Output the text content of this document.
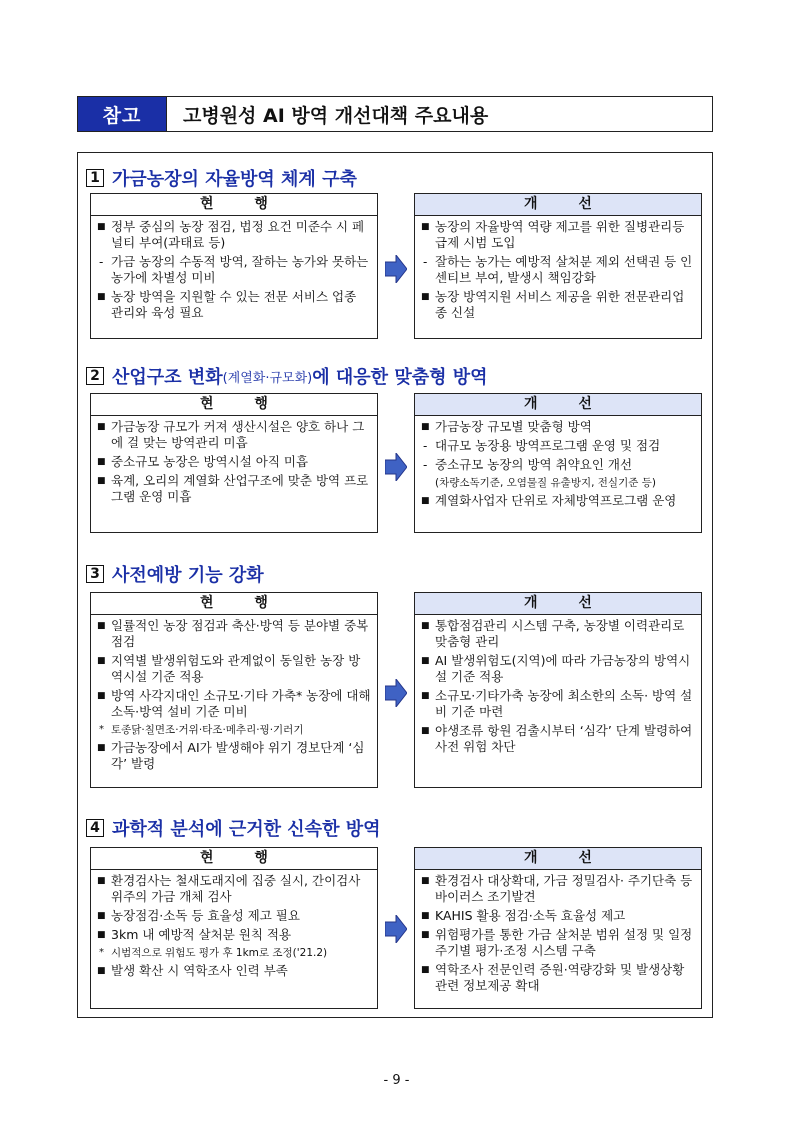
참고	고병원성 AI 방역 개선대책 주요내용
1 가금농장의 자율방역 체계 구축
현 행
■ 정부 중심의 농장 점검, 법정 요건 미준수 시 페널티 부여(과태료 등)
- 가금 농장의 수동적 방역, 잘하는 농가와 못하는 농가에 차별성 미비
■ 농장 방역을 지원할 수 있는 전문 서비스 업종 관리와 육성 필요
개 선
■ 농장의 자율방역 역량 제고를 위한 질병관리등급제 시범 도입
- 잘하는 농가는 예방적 살처분 제외 선택권 등 인센티브 부여, 발생시 책임강화
■ 농장 방역지원 서비스 제공을 위한 전문관리업종 신설
2 산업구조 변화 (계열화·규모화) 에 대응한 맞춤형 방역
현 행
■ 가금농장 규모가 커져 생산시설은 양호 하나 그에 걸 맞는 방역관리 미흡
■ 중소규모 농장은 방역시설 아직 미흡
■ 육계, 오리의 계열화 산업구조에 맞춘 방역 프로그램 운영 미흡
개 선
■ 가금농장 규모별 맞춤형 방역
- 대규모 농장용 방역프로그램 운영 및 점검
- 중소규모 농장의 방역 취약요인 개선
(차량소독기준, 오염물질 유출방지, 전실기준 등)
■ 계열화사업자 단위로 자체방역프로그램 운영
3 사전예방 기능 강화
현 행
■ 일률적인 농장 점검과 축산·방역 등 분야별 중복 점검
■ 지역별 발생위험도와 관계없이 동일한 농장 방역시설 기준 적용
■ 방역 사각지대인 소규모·기타 가축* 농장에 대해 소독·방역 설비 기준 미비
* 토종닭·칠면조·거위·타조·메추리·꿩·기러기
■ 가금농장에서 AI가 발생해야 위기 경보단계 ‘심각’ 발령
개 선
■ 통합점검관리 시스템 구축, 농장별 이력관리로 맞춤형 관리
■ AI 발생위험도(지역)에 따라 가금농장의 방역시설 기준 적용
■ 소규모·기타가축 농장에 최소한의 소독· 방역 설비 기준 마련
■ 야생조류 항원 검출시부터 ‘심각’ 단계 발령하여 사전 위험 차단
4 과학적 분석에 근거한 신속한 방역
현 행
■ 환경검사는 철새도래지에 집중 실시, 간이검사 위주의 가금 개체 검사
■ 농장점검·소독 등 효율성 제고 필요
■ 3km 내 예방적 살처분 원칙 적용
* 시범적으로 위험도 평가 후 1km로 조정('21.2)
■ 발생 확산 시 역학조사 인력 부족
개 선
■ 환경검사 대상확대, 가금 정밀검사· 주기단축 등 바이러스 조기발견
■ KAHIS 활용 점검·소독 효율성 제고
■ 위험평가를 통한 가금 살처분 범위 설정 및 일정 주기별 평가·조정 시스템 구축
■ 역학조사 전문인력 증원·역량강화 및 발생상황 관련 정보제공 확대
- 9 -
